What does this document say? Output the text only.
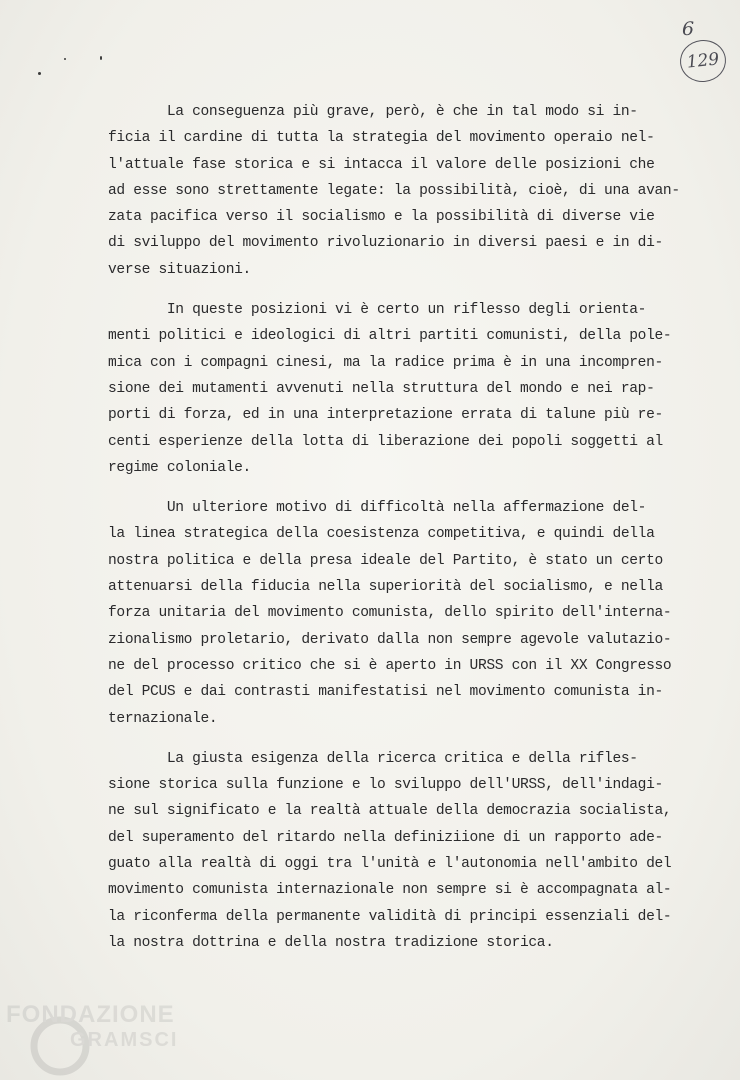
6
129
La conseguenza più grave, però, è che in tal modo si in-
ficia il cardine di tutta la strategia del movimento operaio nel-
l'attuale fase storica e si intacca il valore delle posizioni che
ad esse sono strettamente legate: la possibilità, cioè, di una avan-
zata pacifica verso il socialismo e la possibilità di diverse vie
di sviluppo del movimento rivoluzionario in diversi paesi e in di-
verse situazioni.
In queste posizioni vi è certo un riflesso degli orienta-
menti politici e ideologici di altri partiti comunisti, della pole-
mica con i compagni cinesi, ma la radice prima è in una incompren-
sione dei mutamenti avvenuti nella struttura del mondo e nei rap-
porti di forza, ed in una interpretazione errata di talune più re-
centi esperienze della lotta di liberazione dei popoli soggetti al
regime coloniale.
Un ulteriore motivo di difficoltà nella affermazione del-
la linea strategica della coesistenza competitiva, e quindi della
nostra politica e della presa ideale del Partito, è stato un certo
attenuarsi della fiducia nella superiorità del socialismo, e nella
forza unitaria del movimento comunista, dello spirito dell'interna-
zionalismo proletario, derivato dalla non sempre agevole valutazio-
ne del processo critico che si è aperto in URSS con il XX Congresso
del PCUS e dai contrasti manifestatisi nel movimento comunista in-
ternazionale.
La giusta esigenza della ricerca critica e della rifles-
sione storica sulla funzione e lo sviluppo dell'URSS, dell'indagi-
ne sul significato e la realtà attuale della democrazia socialista,
del superamento del ritardo nella definiziione di un rapporto ade-
guato alla realtà di oggi tra l'unità e l'autonomia nell'ambito del
movimento comunista internazionale non sempre si è accompagnata al-
la riconferma della permanente validità di principi essenziali del-
la nostra dottrina e della nostra tradizione storica.
FONDAZIONE
GRAMSCI
